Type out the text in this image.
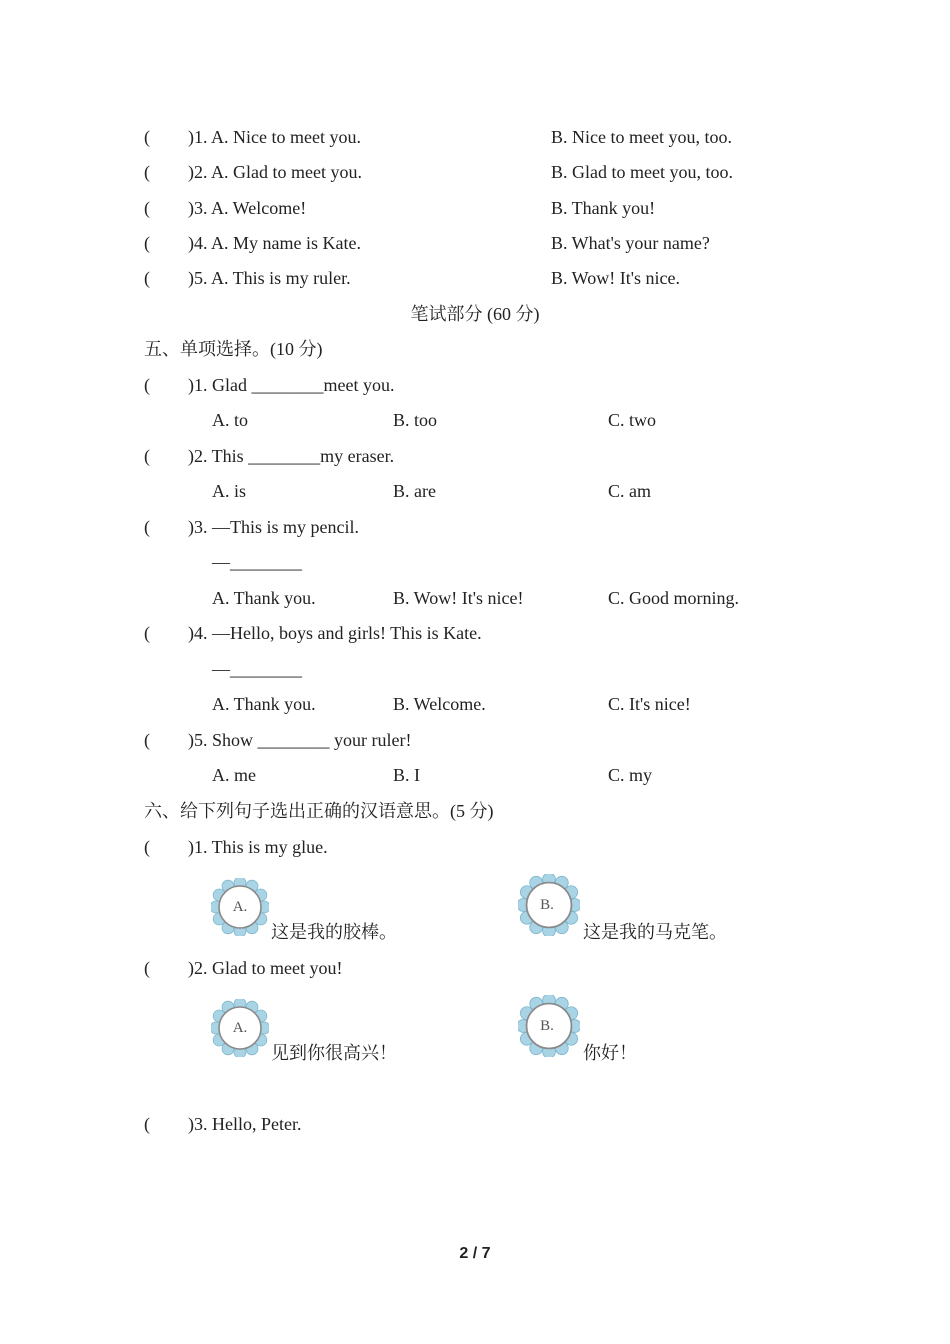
( )1. A. Nice to meet you.	B. Nice to meet you, too.
( )2. A. Glad to meet you.	B. Glad to meet you, too.
( )3. A. Welcome!	B. Thank you!
( )4. A. My name is Kate.	B. What's your name?
( )5. A. This is my ruler.	B. Wow! It's nice.
笔试部分 (60 分)
五、单项选择。(10 分)
( )1. Glad ________meet you.
A. to	B. too	C. two
( )2. This ________my eraser.
A. is	B. are	C. am
( )3. —This is my pencil.
—________
A. Thank you.	B. Wow! It's nice!	C. Good morning.
( )4. —Hello, boys and girls! This is Kate.
—________
A. Thank you.	B. Welcome.	C. It's nice!
( )5. Show ________ your ruler!
A. me	B. I	C. my
六、给下列句子选出正确的汉语意思。(5 分)
( )1. This is my glue.
A.
这是我的胶棒。
B.
这是我的马克笔。
( )2. Glad to meet you!
A.
见到你很高兴！
B.
你好！
( )3. Hello, Peter.
2 / 7
